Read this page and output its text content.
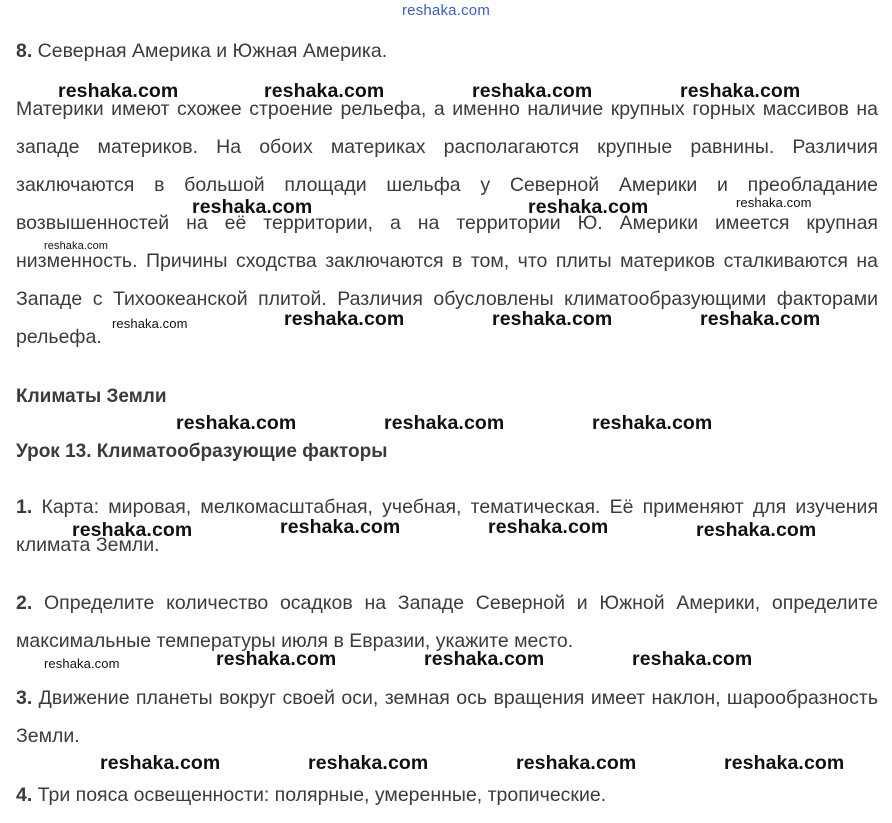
reshaka.com
8. Северная Америка и Южная Америка.
Материки имеют схожее строение рельефа, а именно наличие крупных горных массивов на западе материков. На обоих материках располагаются крупные равнины. Различия заключаются в большой площади шельфа у Северной Америки и преобладание возвышенностей на её территории, а на территории Ю. Америки имеется крупная низменность. Причины сходства заключаются в том, что плиты материков сталкиваются на Западе с Тихоокеанской плитой. Различия обусловлены климатообразующими факторами рельефа.
Климаты Земли
Урок 13. Климатообразующие факторы
1. Карта: мировая, мелкомасштабная, учебная, тематическая. Её применяют для изучения климата Земли.
2. Определите количество осадков на Западе Северной и Южной Америки, определите максимальные температуры июля в Евразии, укажите место.
3. Движение планеты вокруг своей оси, земная ось вращения имеет наклон, шарообразность Земли.
4. Три пояса освещенности: полярные, умеренные, тропические.
reshaka.com	reshaka.com	reshaka.com	reshaka.com
reshaka.com	reshaka.com	reshaka.com
reshaka.com
reshaka.com	reshaka.com	reshaka.com	reshaka.com
reshaka.com	reshaka.com	reshaka.com
reshaka.com	reshaka.com	reshaka.com	reshaka.com
reshaka.com	reshaka.com	reshaka.com	reshaka.com
reshaka.com	reshaka.com	reshaka.com	reshaka.com
